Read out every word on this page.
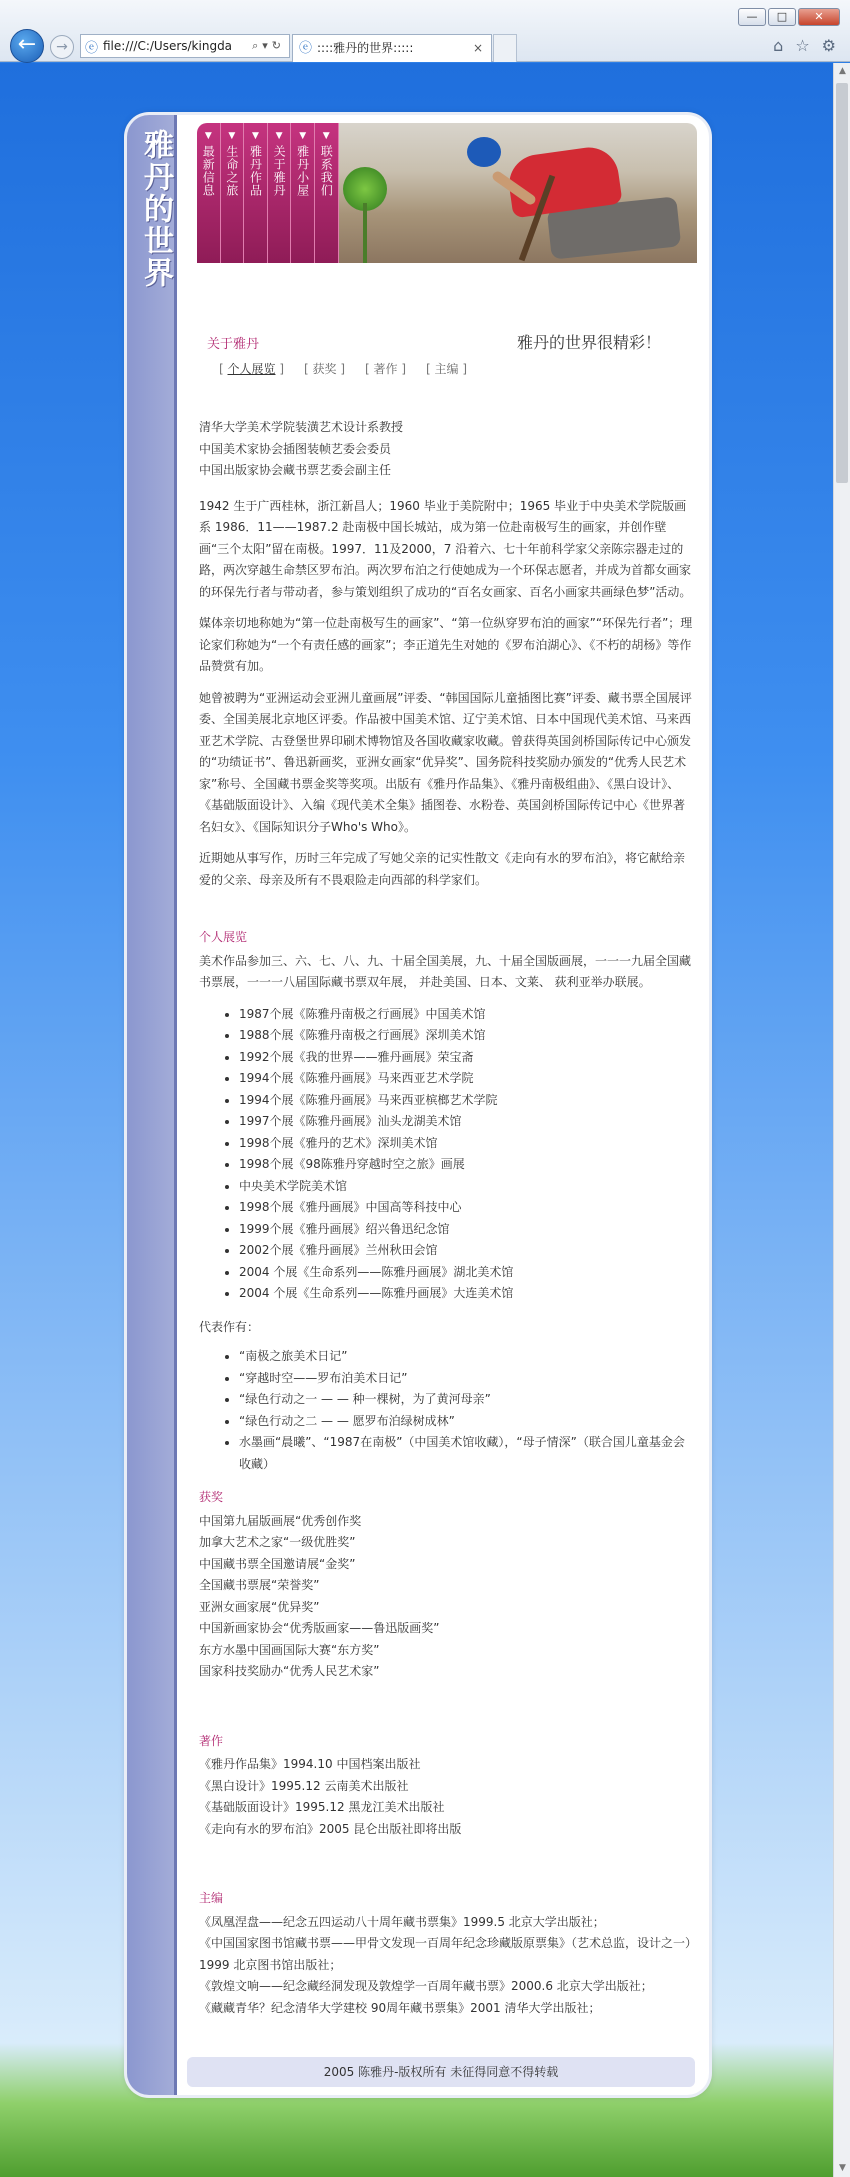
—	□	✕
←	→	ⓔ file:///C:/Users/kingda ⌕▾↻ ⓔ ::::雅丹的世界:::::	×	⌂ ☆ ⚙
雅丹的世界	▼
最新信息
▼
生命之旅
▼
雅丹作品
▼
关于雅丹
▼
雅丹小屋
▼
联系我们
关于雅丹	雅丹的世界很精彩！
[ 个人展览 ] [ 获奖 ] [ 著作 ] [ 主编 ]
清华大学美术学院装潢艺术设计系教授
中国美术家协会插图装帧艺委会委员
中国出版家协会藏书票艺委会副主任

1942 生于广西桂林，浙江新昌人；1960 毕业于美院附中；1965 毕业于中央美术学院版画系 1986．11——1987.2 赴南极中国长城站，成为第一位赴南极写生的画家，并创作壁画“三个太阳”留在南极。1997．11及2000，7 沿着六、七十年前科学家父亲陈宗器走过的路，两次穿越生命禁区罗布泊。两次罗布泊之行使她成为一个环保志愿者，并成为首都女画家的环保先行者与带动者，参与策划组织了成功的“百名女画家、百名小画家共画绿色梦”活动。

媒体亲切地称她为“第一位赴南极写生的画家”、“第一位纵穿罗布泊的画家”“环保先行者”；理论家们称她为“一个有责任感的画家”；李正道先生对她的《罗布泊湖心》、《不朽的胡杨》等作品赞赏有加。

她曾被聘为“亚洲运动会亚洲儿童画展”评委、“韩国国际儿童插图比赛”评委、藏书票全国展评委、全国美展北京地区评委。作品被中国美术馆、辽宁美术馆、日本中国现代美术馆、马来西亚艺术学院、古登堡世界印刷术博物馆及各国收藏家收藏。曾获得英国剑桥国际传记中心颁发的“功绩证书”、鲁迅新画奖，亚洲女画家“优异奖”、国务院科技奖励办颁发的“优秀人民艺术家”称号、全国藏书票金奖等奖项。出版有《雅丹作品集》、《雅丹南极组曲》、《黑白设计》、《基础版面设计》、入编《现代美术全集》插图卷、水粉卷、英国剑桥国际传记中心《世界著名妇女》、《国际知识分子Who's Who》。

近期她从事写作，历时三年完成了写她父亲的记实性散文《走向有水的罗布泊》，将它献给亲爱的父亲、母亲及所有不畏艰险走向西部的科学家们。

个人展览

美术作品参加三、六、七、八、九、十届全国美展，九、十届全国版画展，一一一九届全国藏书票展，一一一八届国际藏书票双年展， 并赴美国、日本、文莱、 荻利亚举办联展。

• 1987个展《陈雅丹南极之行画展》中国美术馆
• 1988个展《陈雅丹南极之行画展》深圳美术馆
• 1992个展《我的世界——雅丹画展》荣宝斋
• 1994个展《陈雅丹画展》马来西亚艺术学院
• 1994个展《陈雅丹画展》马来西亚槟榔艺术学院
• 1997个展《陈雅丹画展》汕头龙湖美术馆
• 1998个展《雅丹的艺术》深圳美术馆
• 1998个展《98陈雅丹穿越时空之旅》画展
• 中央美术学院美术馆
• 1998个展《雅丹画展》中国高等科技中心
• 1999个展《雅丹画展》绍兴鲁迅纪念馆
• 2002个展《雅丹画展》兰州秋田会馆
• 2004 个展《生命系列——陈雅丹画展》湖北美术馆
• 2004 个展《生命系列——陈雅丹画展》大连美术馆
代表作有：
• “南极之旅美术日记”
• “穿越时空——罗布泊美术日记”
• “绿色行动之一 — — 种一棵树，为了黄河母亲”
• “绿色行动之二 — — 愿罗布泊绿树成林”
• 水墨画“晨曦”、“1987在南极”（中国美术馆收藏），“母子情深”（联合国儿童基金会收藏）
获奖
中国第九届版画展“优秀创作奖
加拿大艺术之家“一级优胜奖”
中国藏书票全国邀请展“金奖”
全国藏书票展“荣誉奖”
亚洲女画家展“优异奖”
中国新画家协会“优秀版画家——鲁迅版画奖”
东方水墨中国画国际大赛“东方奖”
国家科技奖励办“优秀人民艺术家”
著作
《雅丹作品集》1994.10 中国档案出版社
《黑白设计》1995.12 云南美术出版社
《基础版面设计》1995.12 黑龙江美术出版社
《走向有水的罗布泊》2005 昆仑出版社即将出版
主编
《凤凰涅盘——纪念五四运动八十周年藏书票集》1999.5 北京大学出版社；
《中国国家图书馆藏书票——甲骨文发现一百周年纪念珍藏版原票集》（艺术总监，设计之一）1999 北京图书馆出版社；
《敦煌文响——纪念藏经洞发现及敦煌学一百周年藏书票》2000.6 北京大学出版社；
《藏藏青华？纪念清华大学建校 90周年藏书票集》2001 清华大学出版社；
2005 陈雅丹-版权所有 未征得同意不得转载
▲
▼
